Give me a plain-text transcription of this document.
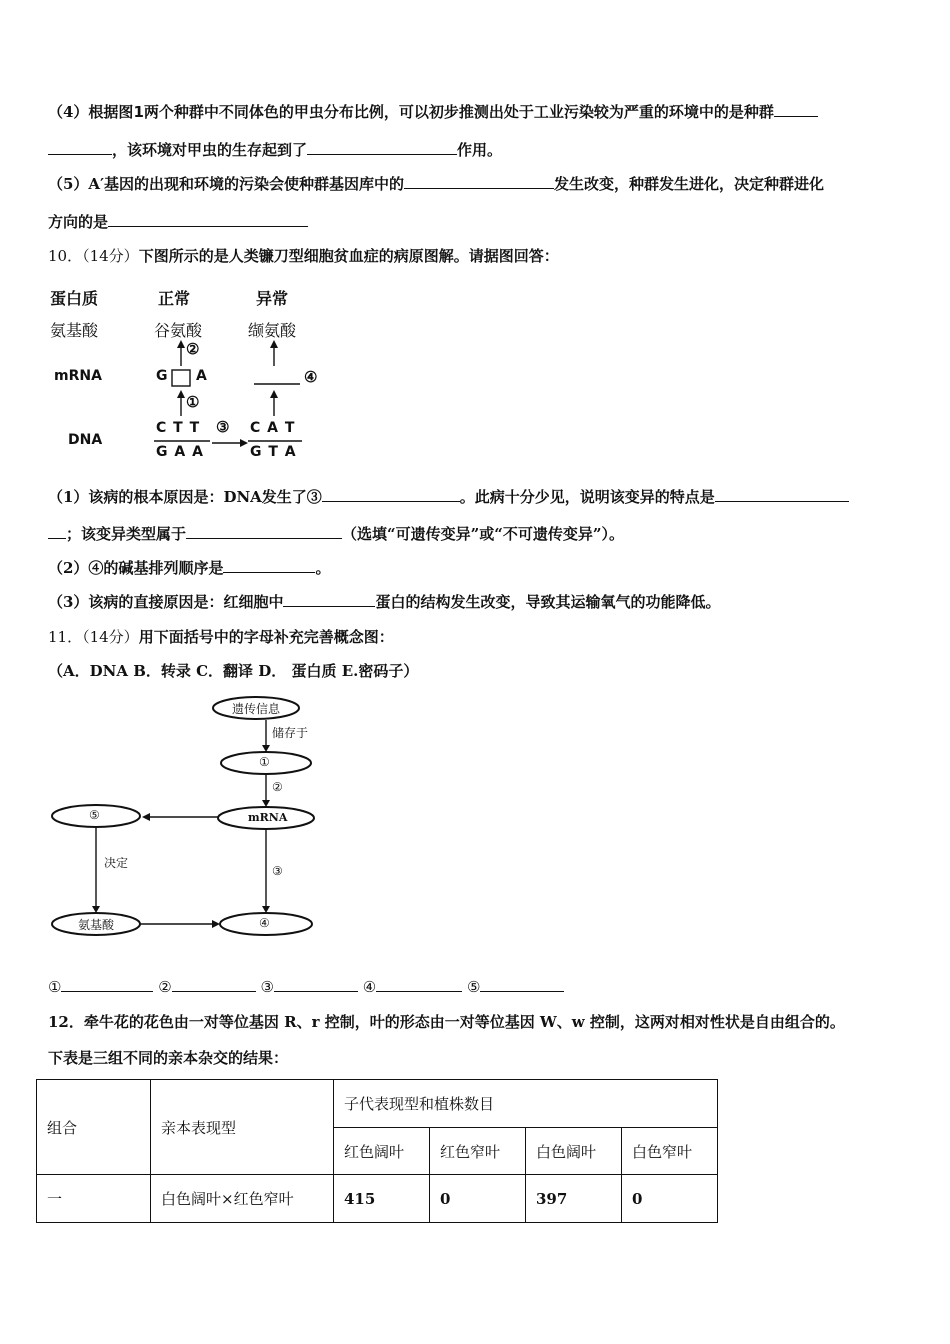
（4）根据图1两个种群中不同体色的甲虫分布比例，可以初步推测出处于工业污染较为严重的环境中的是种群
，该环境对甲虫的生存起到了	作用。
（5）A′基因的出现和环境的污染会使种群基因库中的	发生改变，种群发生进化，决定种群进化
方向的是
10．（14分）下图所示的是人类镰刀型细胞贫血症的病原图解。请据图回答：
蛋白质	正常	异常
氨基酸	谷氨酸	缬氨酸
mRNA	G A
DNA
C T T
G A A
C A T
G T A
②
①
③
④
（1）该病的根本原因是：DNA发生了③	。此病十分少见，说明该变异的特点是
；该变异类型属于	（选填“可遗传变异”或“不可遗传变异”）。
（2）④的碱基排列顺序是	。
（3）该病的直接原因是：红细胞中	蛋白的结构发生改变，导致其运输氧气的功能降低。
11．（14分）用下面括号中的字母补充完善概念图：
（A．DNA B．转录 C．翻译 D． 蛋白质 E.密码子）
遗传信息
储存于
①
②
mRNA
⑤
决定
③
氨基酸	④
①	②	③	④	⑤
12．牵牛花的花色由一对等位基因 R、r 控制，叶的形态由一对等位基因 W、w 控制，这两对相对性状是自由组合的。
下表是三组不同的亲本杂交的结果：
组合	亲本表现型	子代表现型和植株数目			
		红色阔叶	红色窄叶	白色阔叶	白色窄叶
一	白色阔叶×红色窄叶	415	0	397	0
